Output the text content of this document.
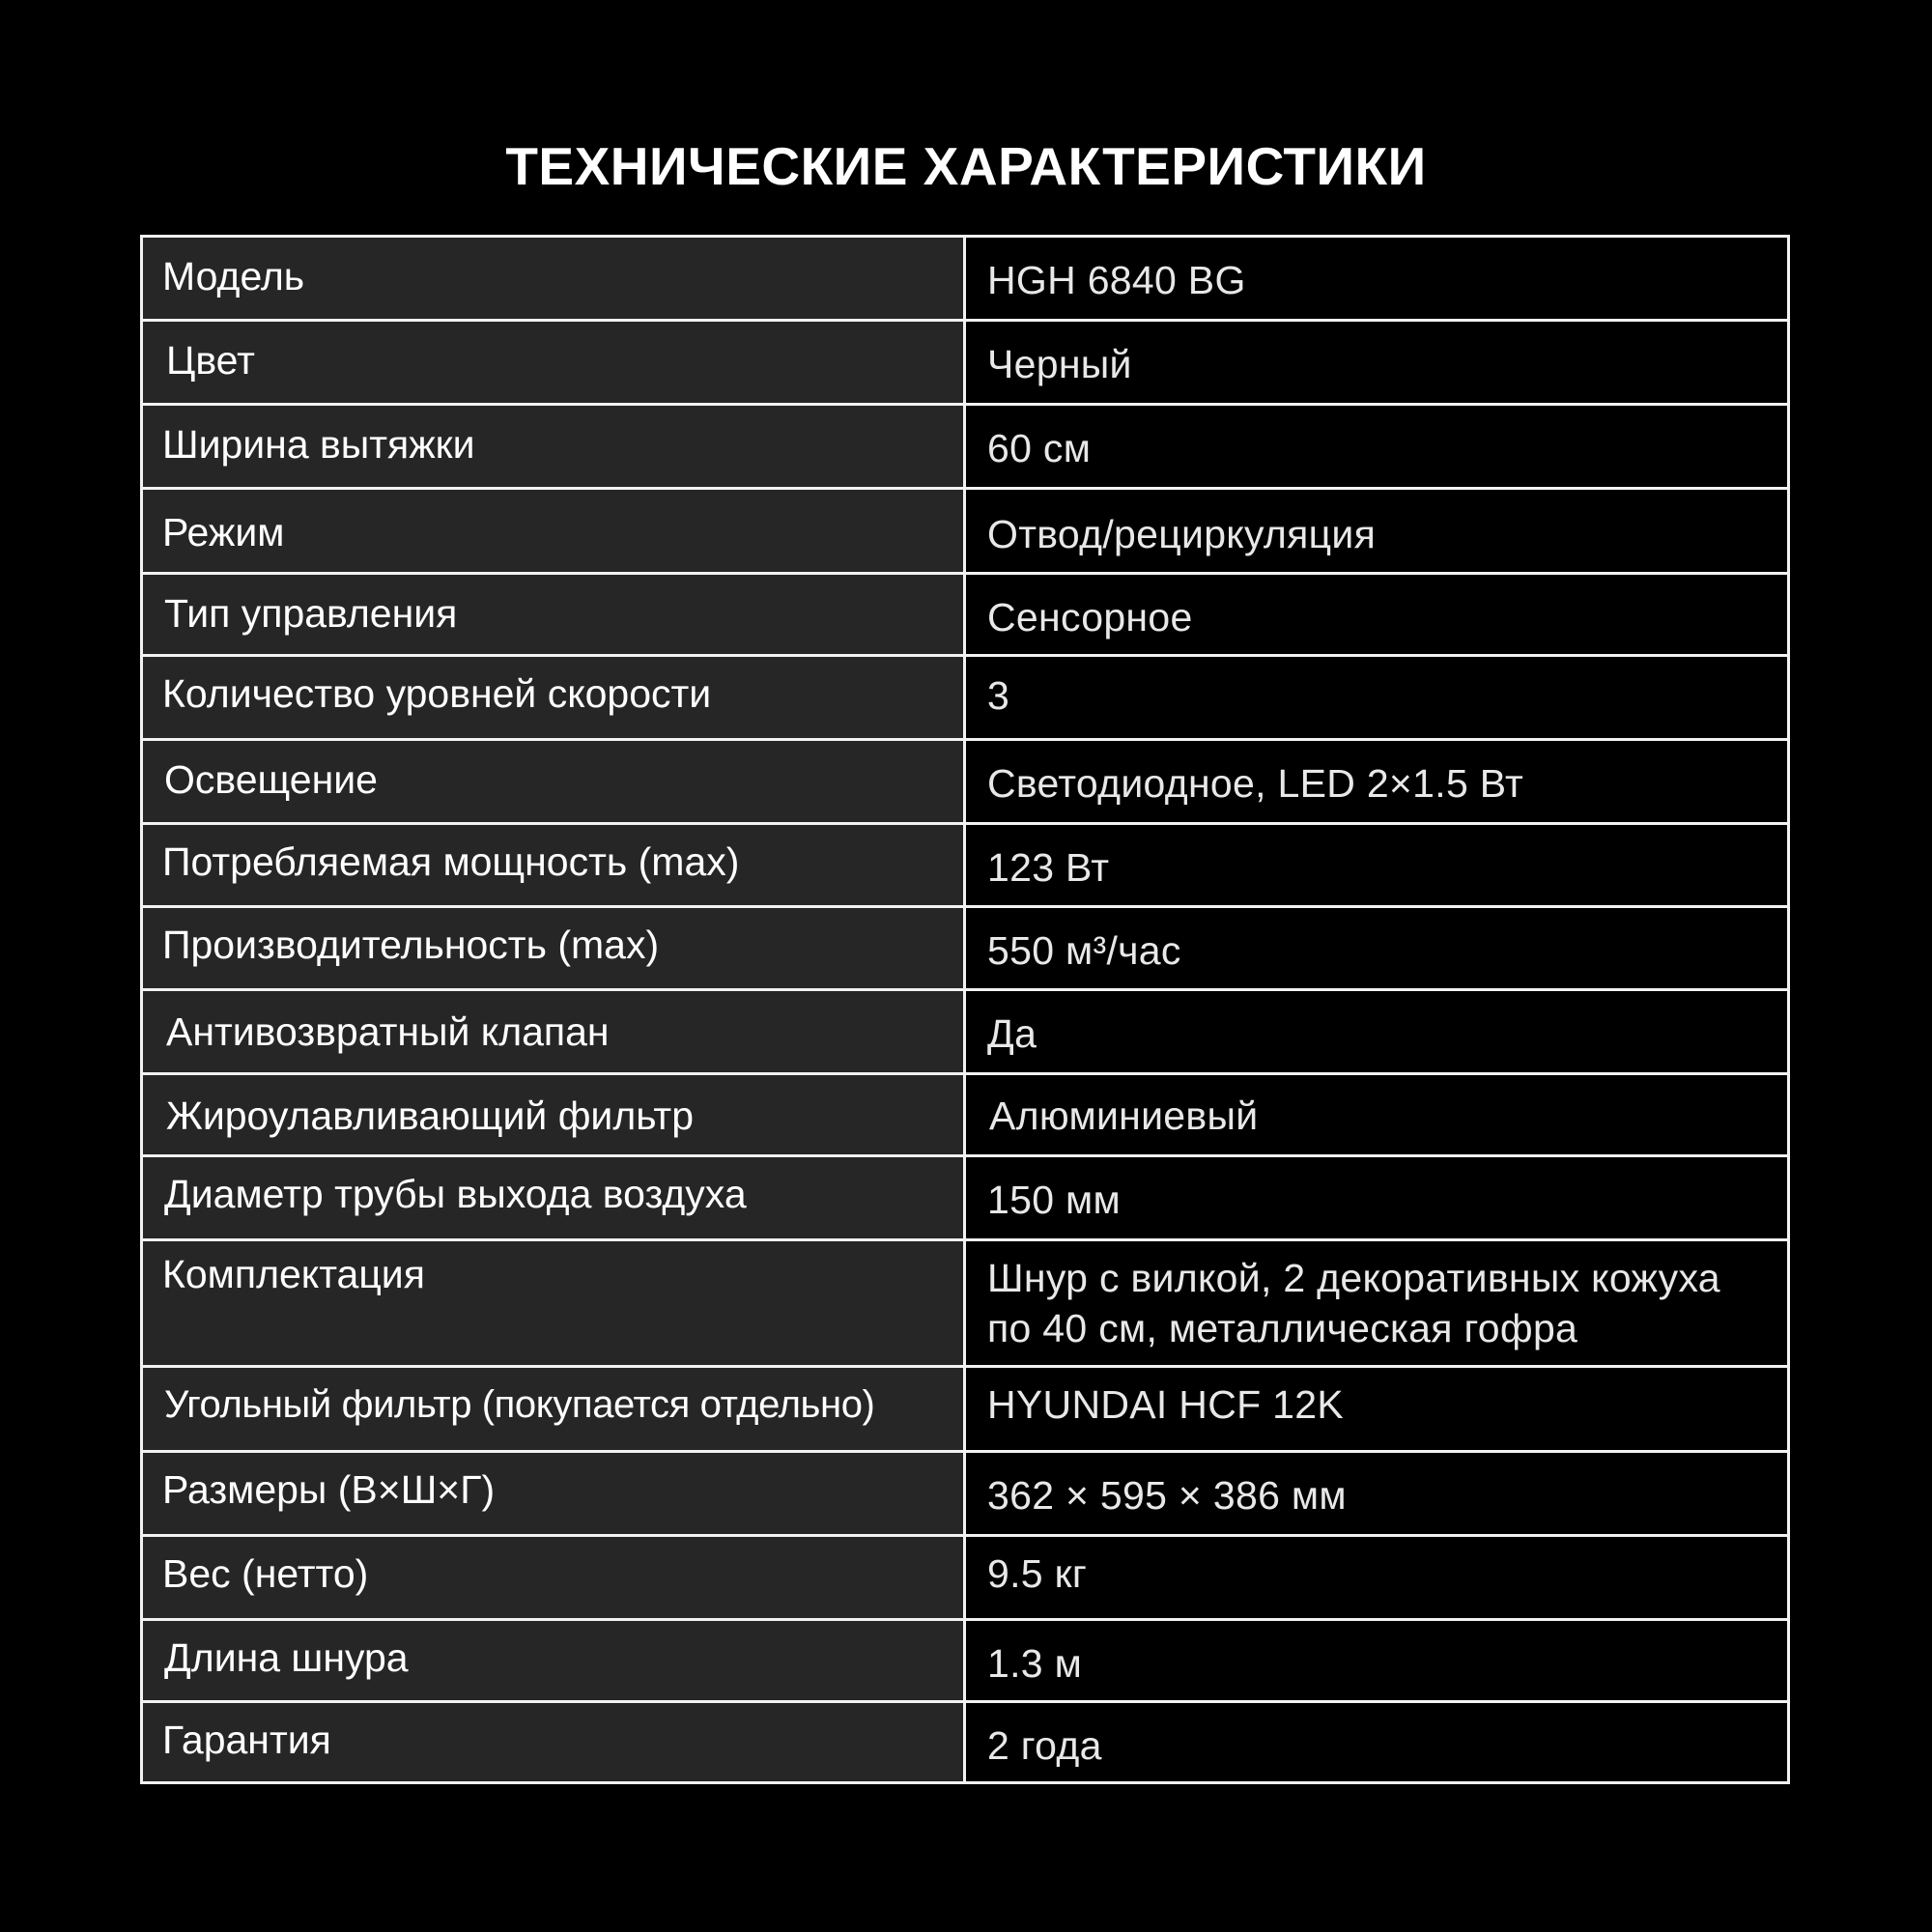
ТЕХНИЧЕСКИЕ ХАРАКТЕРИСТИКИ
Модель	HGH 6840 BG
Цвет	Черный
Ширина вытяжки	60 см
Режим	Отвод/рециркуляция
Тип управления	Сенсорное
Количество уровней скорости	3
Освещение	Светодиодное, LED 2×1.5 Вт
Потребляемая мощность (max)	123 Вт
Производительность (max)	550 м³/час
Антивозвратный клапан	Да
Жироулавливающий фильтр	Алюминиевый
Диаметр трубы выхода воздуха	150 мм
Комплектация	Шнур с вилкой, 2 декоративных кожуха
по 40 см, металлическая гофра
Угольный фильтр (покупается отдельно)	HYUNDAI HCF 12K
Размеры (В×Ш×Г)	362 × 595 × 386 мм
Вес (нетто)	9.5 кг
Длина шнура	1.3 м
Гарантия	2 года
